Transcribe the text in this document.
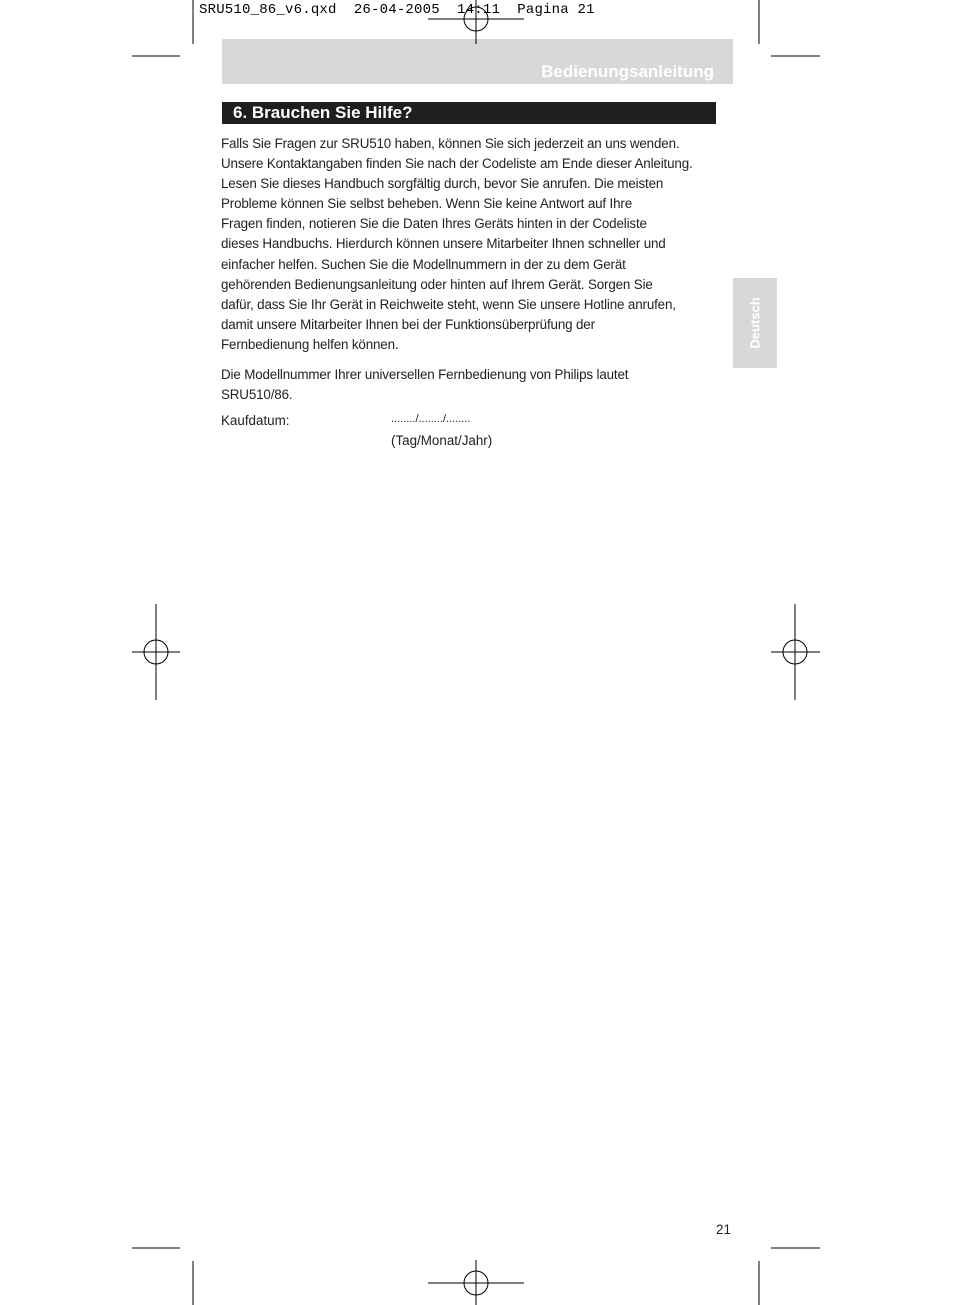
SRU510_86_v6.qxd  26-04-2005  14:11  Pagina 21
Bedienungsanleitung
6. Brauchen Sie Hilfe?
Falls Sie Fragen zur SRU510 haben, können Sie sich jederzeit an uns wenden.
Unsere Kontaktangaben finden Sie nach der Codeliste am Ende dieser Anleitung.
Lesen Sie dieses Handbuch sorgfältig durch, bevor Sie anrufen. Die meisten
Probleme können Sie selbst beheben. Wenn Sie keine Antwort auf Ihre
Fragen finden, notieren Sie die Daten Ihres Geräts hinten in der Codeliste
dieses Handbuchs. Hierdurch können unsere Mitarbeiter Ihnen schneller und
einfacher helfen. Suchen Sie die Modellnummern in der zu dem Gerät
gehörenden Bedienungsanleitung oder hinten auf Ihrem Gerät. Sorgen Sie
dafür, dass Sie Ihr Gerät in Reichweite steht, wenn Sie unsere Hotline anrufen,
damit unsere Mitarbeiter Ihnen bei der Funktionsüberprüfung der
Fernbedienung helfen können.
Die Modellnummer Ihrer universellen Fernbedienung von Philips lautet
SRU510/86.
Kaufdatum:	......../......../........
(Tag/Monat/Jahr)
Deutsch
21
